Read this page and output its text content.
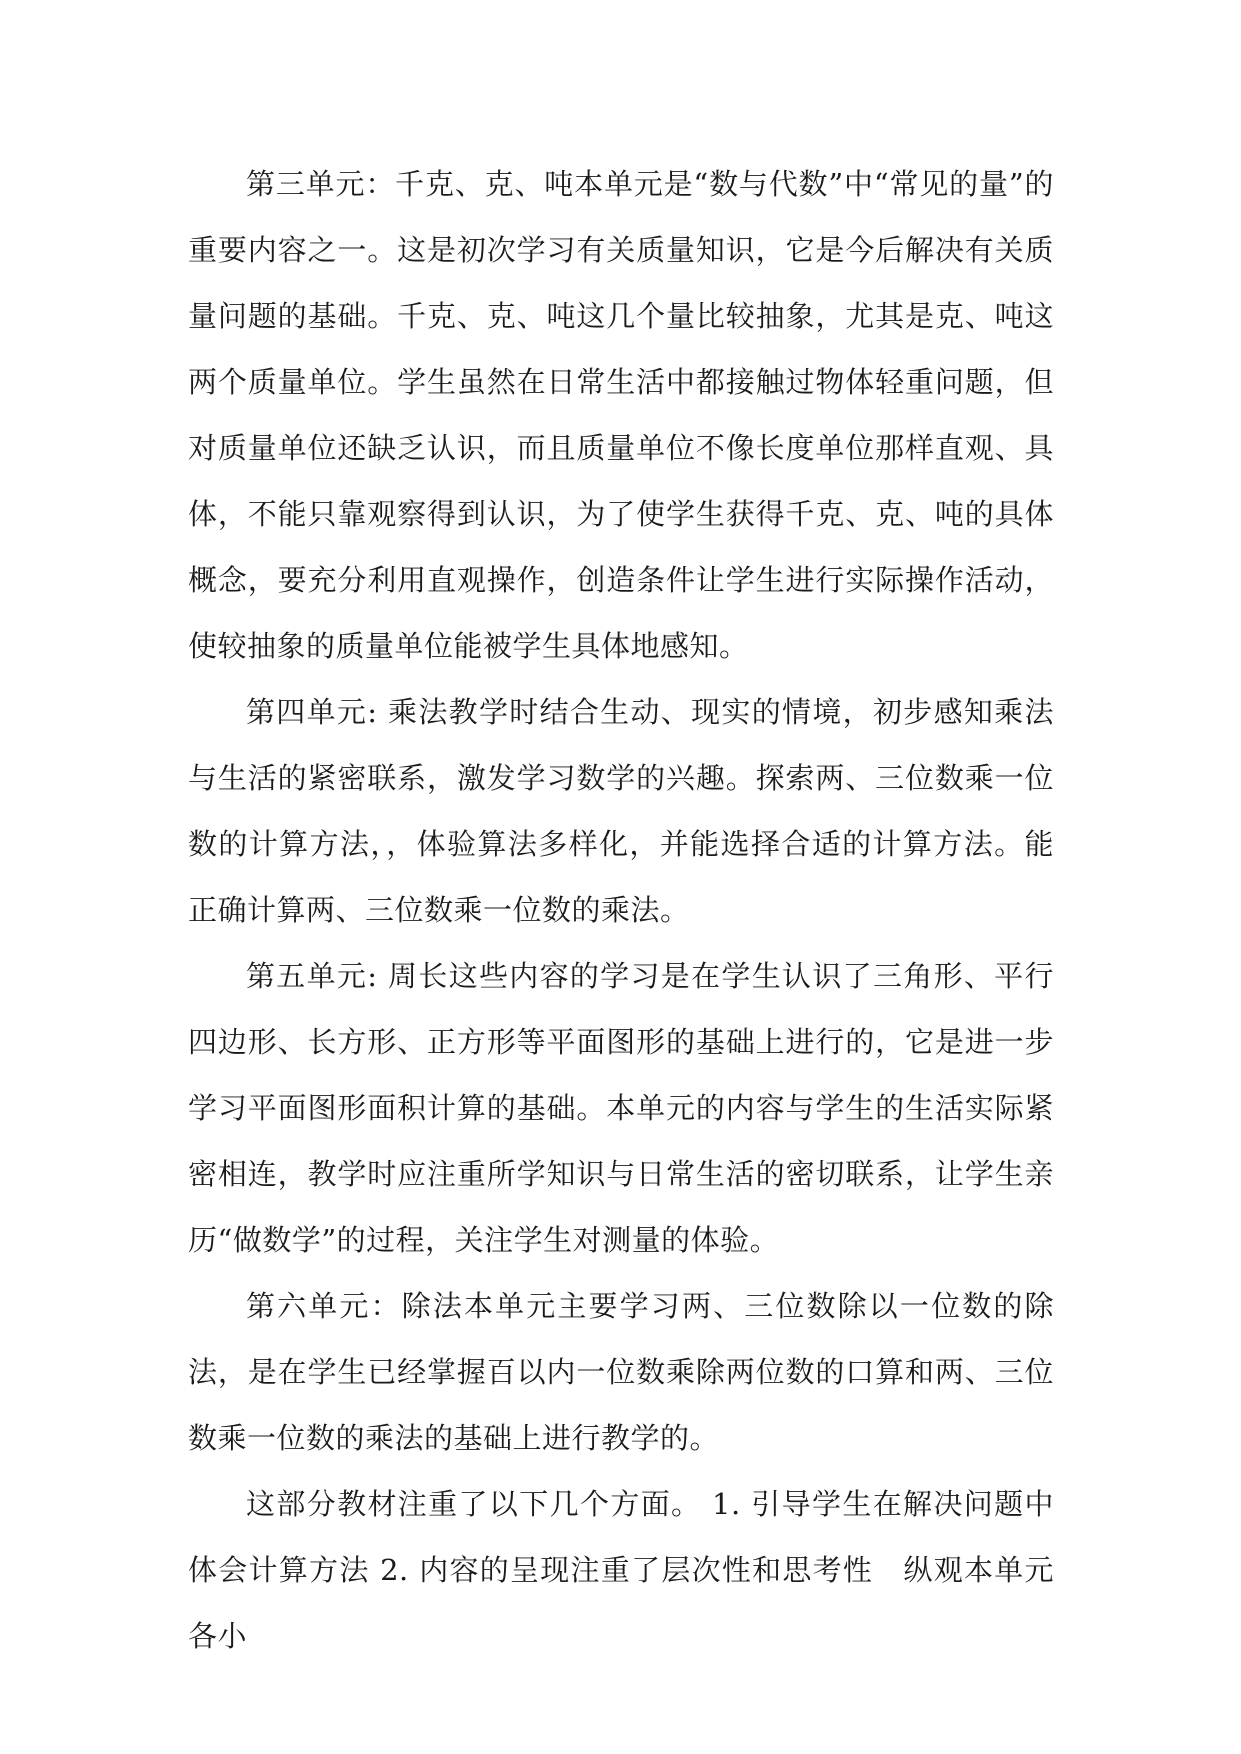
第三单元：千克、克、吨本单元是“数与代数”中“常见的量”的重要内容之一。这是初次学习有关质量知识，它是今后解决有关质量问题的基础。千克、克、吨这几个量比较抽象，尤其是克、吨这两个质量单位。学生虽然在日常生活中都接触过物体轻重问题，但对质量单位还缺乏认识，而且质量单位不像长度单位那样直观、具体，不能只靠观察得到认识，为了使学生获得千克、克、吨的具体概念，要充分利用直观操作，创造条件让学生进行实际操作活动，使较抽象的质量单位能被学生具体地感知。

第四单元: 乘法教学时结合生动、现实的情境，初步感知乘法与生活的紧密联系，激发学习数学的兴趣。探索两、三位数乘一位数的计算方法，，体验算法多样化，并能选择合适的计算方法。能正确计算两、三位数乘一位数的乘法。

第五单元: 周长这些内容的学习是在学生认识了三角形、平行四边形、长方形、正方形等平面图形的基础上进行的，它是进一步学习平面图形面积计算的基础。本单元的内容与学生的生活实际紧密相连，教学时应注重所学知识与日常生活的密切联系，让学生亲历“做数学”的过程，关注学生对测量的体验。

第六单元：除法本单元主要学习两、三位数除以一位数的除法，是在学生已经掌握百以内一位数乘除两位数的口算和两、三位数乘一位数的乘法的基础上进行教学的。

这部分教材注重了以下几个方面。 1. 引导学生在解决问题中体会计算方法 2. 内容的呈现注重了层次性和思考性　纵观本单元各小
